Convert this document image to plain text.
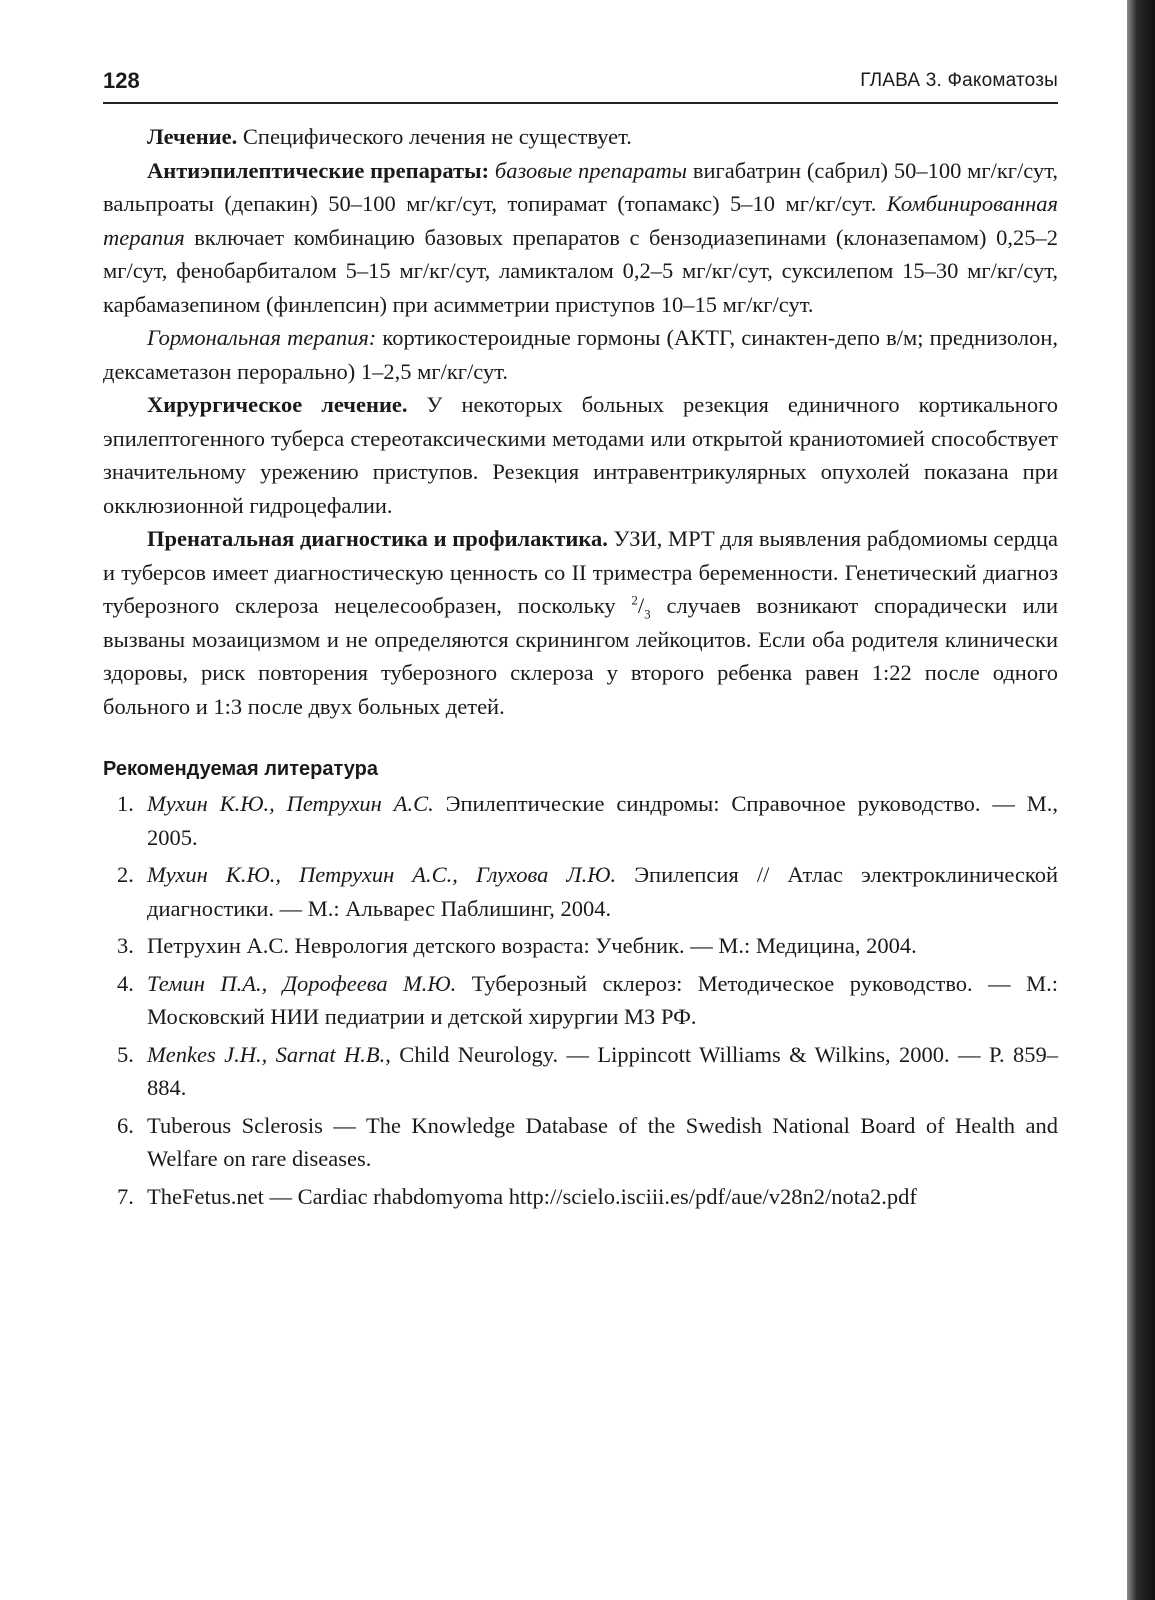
128	ГЛАВА 3. Факоматозы

Лечение. Специфического лечения не существует.

Антиэпилептические препараты: базовые препараты вигабатрин (сабрил) 50–100 мг/кг/сут, вальпроаты (депакин) 50–100 мг/кг/сут, топирамат (топамакс) 5–10 мг/кг/сут. Комбинированная терапия включает комбинацию базовых препаратов с бензодиазепинами (клоназепамом) 0,25–2 мг/сут, фенобарбиталом 5–15 мг/кг/сут, ламикталом 0,2–5 мг/кг/сут, суксилепом 15–30 мг/кг/сут, карбамазепином (финлепсин) при асимметрии приступов 10–15 мг/кг/сут.

Гормональная терапия: кортикостероидные гормоны (АКТГ, синактен-депо в/м; преднизолон, дексаметазон перорально) 1–2,5 мг/кг/сут.

Хирургическое лечение. У некоторых больных резекция единичного кортикального эпилептогенного туберса стереотаксическими методами или открытой краниотомией способствует значительному урежению приступов. Резекция интравентрикулярных опухолей показана при окклюзионной гидроцефалии.

Пренатальная диагностика и профилактика. УЗИ, МРТ для выявления рабдомиомы сердца и туберсов имеет диагностическую ценность со II триместра беременности. Генетический диагноз туберозного склероза нецелесообразен, поскольку $^2/_3$ случаев возникают спорадически или вызваны мозаицизмом и не определяются скринингом лейкоцитов. Если оба родителя клинически здоровы, риск повторения туберозного склероза у второго ребенка равен 1:22 после одного больного и 1:3 после двух больных детей.

Рекомендуемая литература
1. Мухин К.Ю., Петрухин А.С. Эпилептические синдромы: Справочное руководство. — М., 2005.
2. Мухин К.Ю., Петрухин А.С., Глухова Л.Ю. Эпилепсия // Атлас электроклинической диагностики. — М.: Альварес Паблишинг, 2004.
3. Петрухин А.С. Неврология детского возраста: Учебник. — М.: Медицина, 2004.
4. Темин П.А., Дорофеева М.Ю. Туберозный склероз: Методическое руководство. — М.: Московский НИИ педиатрии и детской хирургии МЗ РФ.
5. Menkes J.H., Sarnat H.B., Child Neurology. — Lippincott Williams & Wilkins, 2000. — P. 859–884.
6. Tuberous Sclerosis — The Knowledge Database of the Swedish National Board of Health and Welfare on rare diseases.
7. TheFetus.net — Cardiac rhabdomyoma http://scielo.isciii.es/pdf/aue/v28n2/nota2.pdf
